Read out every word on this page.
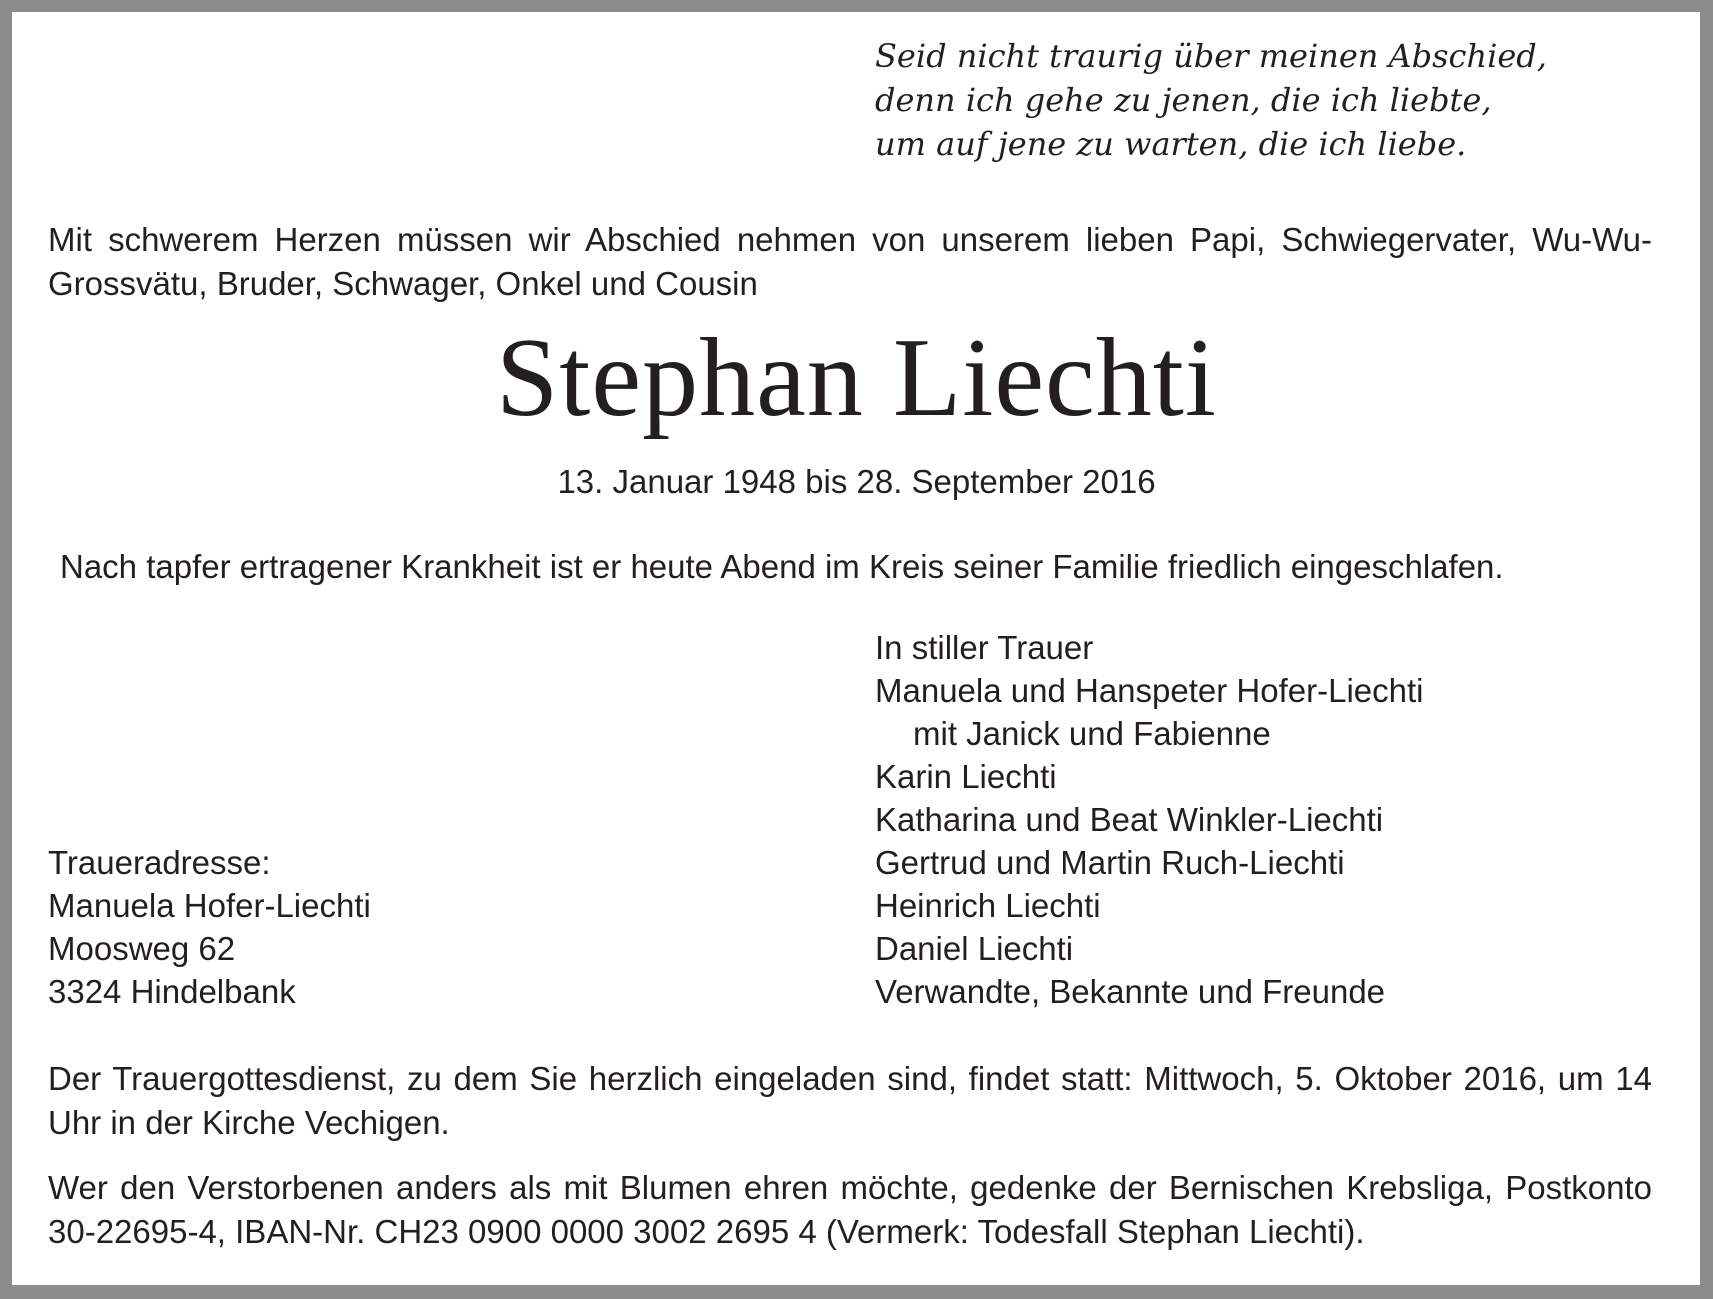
Seid nicht traurig über meinen Abschied,
denn ich gehe zu jenen, die ich liebte,
um auf jene zu warten, die ich liebe.
Mit schwerem Herzen müssen wir Abschied nehmen von unserem lieben Papi, Schwiegervater, Wu-Wu-Grossvätu, Bruder, Schwager, Onkel und Cousin
Stephan Liechti
13. Januar 1948 bis 28. September 2016
Nach tapfer ertragener Krankheit ist er heute Abend im Kreis seiner Familie friedlich eingeschlafen.
In stiller Trauer
Manuela und Hanspeter Hofer-Liechti
mit Janick und Fabienne
Karin Liechti
Katharina und Beat Winkler-Liechti
Gertrud und Martin Ruch-Liechti
Heinrich Liechti
Daniel Liechti
Verwandte, Bekannte und Freunde
Traueradresse:
Manuela Hofer-Liechti
Moosweg 62
3324 Hindelbank
Der Trauergottesdienst, zu dem Sie herzlich eingeladen sind, findet statt: Mittwoch, 5. Oktober 2016, um 14 Uhr in der Kirche Vechigen.
Wer den Verstorbenen anders als mit Blumen ehren möchte, gedenke der Bernischen Krebsliga, Postkonto 30-22695-4, IBAN-Nr. CH23 0900 0000 3002 2695 4 (Vermerk: Todesfall Stephan Liechti).
